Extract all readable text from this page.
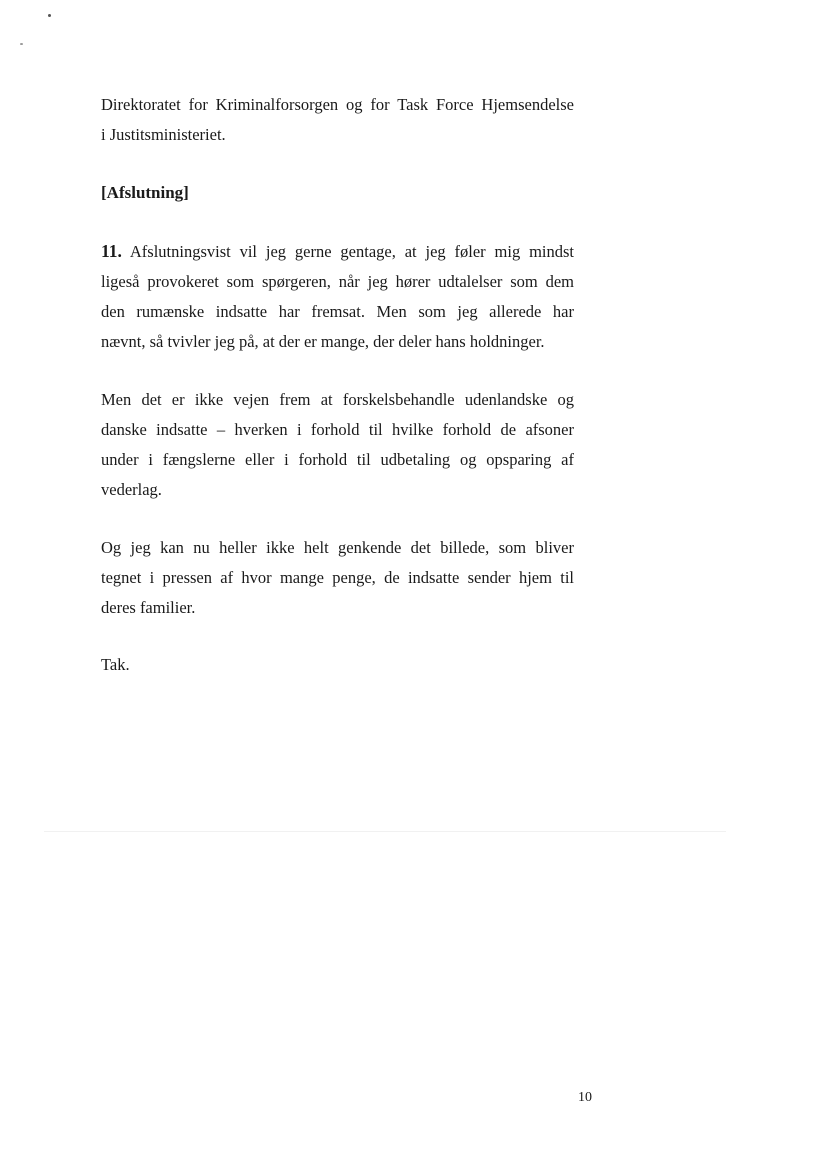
Direktoratet for Kriminalforsorgen og for Task Force Hjemsendelse
i Justitsministeriet.

[Afslutning]

11. Afslutningsvist vil jeg gerne gentage, at jeg føler mig mindst
ligeså provokeret som spørgeren, når jeg hører udtalelser som dem
den rumænske indsatte har fremsat. Men som jeg allerede har
nævnt, så tvivler jeg på, at der er mange, der deler hans holdninger.

Men det er ikke vejen frem at forskelsbehandle udenlandske og
danske indsatte – hverken i forhold til hvilke forhold de afsoner
under i fængslerne eller i forhold til udbetaling og opsparing af
vederlag.

Og jeg kan nu heller ikke helt genkende det billede, som bliver
tegnet i pressen af hvor mange penge, de indsatte sender hjem til
deres familier.

Tak.

10
